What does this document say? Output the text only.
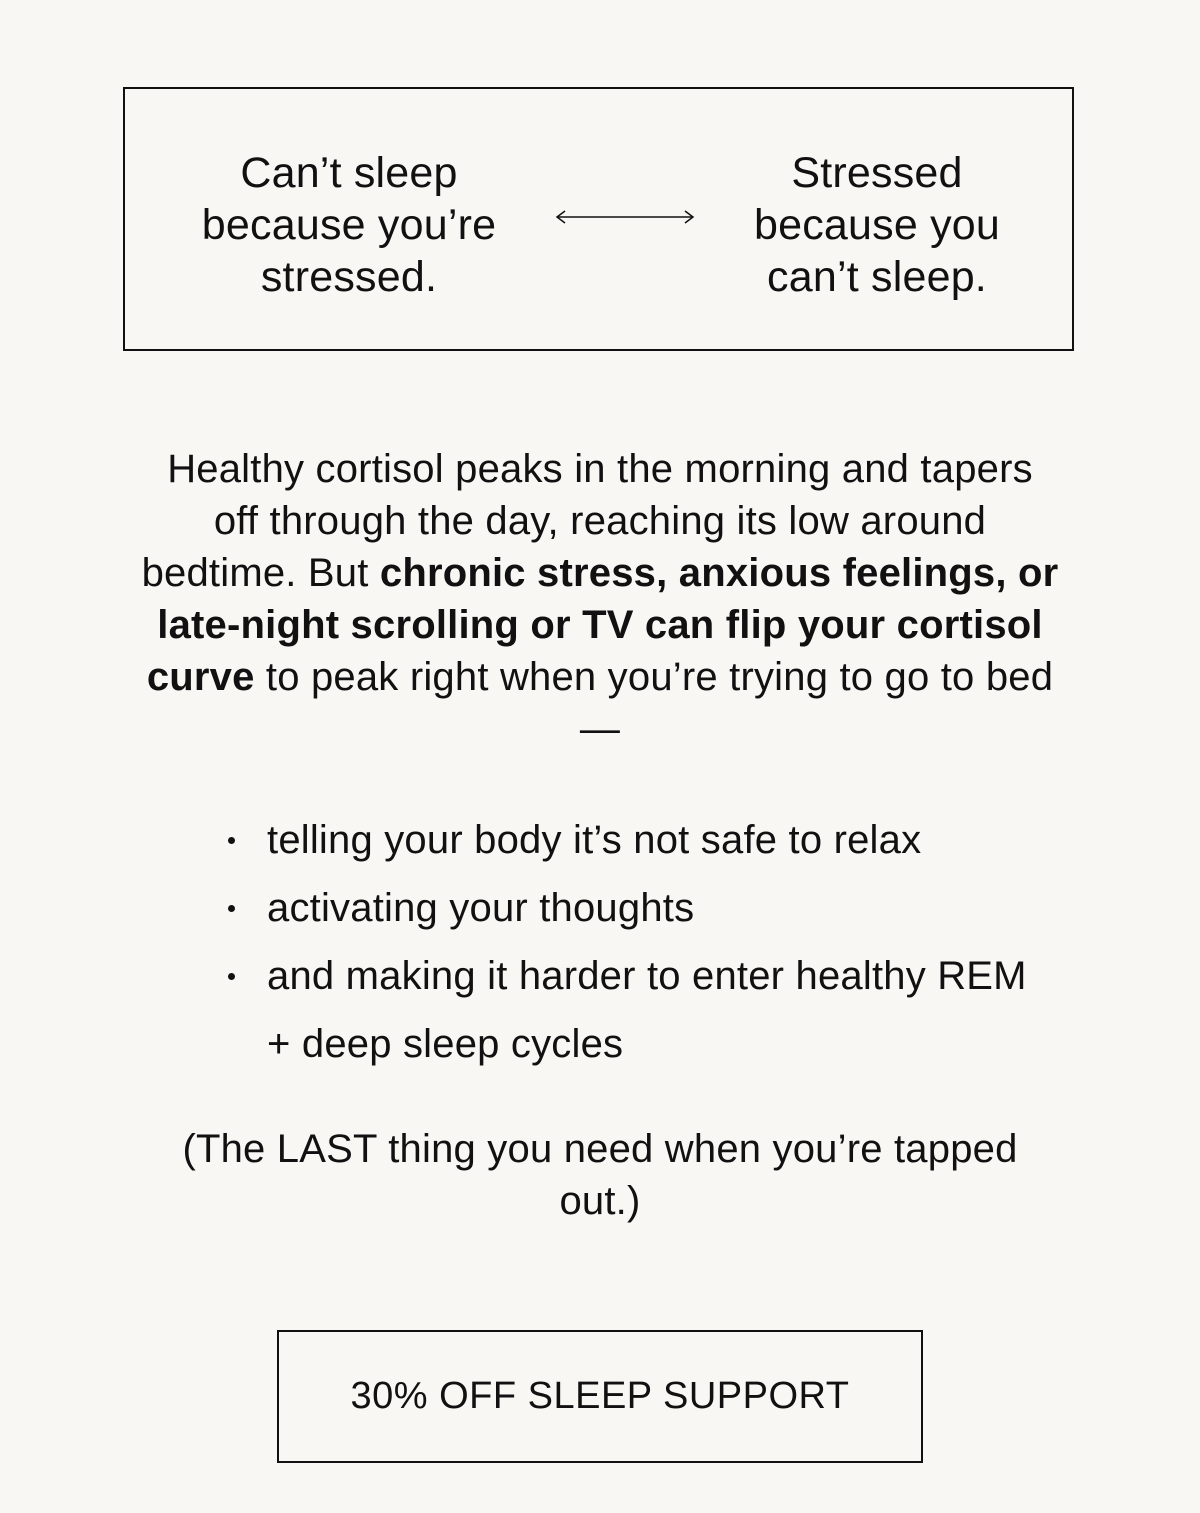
Can’t sleep because you’re stressed.
Stressed because you can’t sleep.

Healthy cortisol peaks in the morning and tapers off through the day, reaching its low around bedtime. But chronic stress, anxious feelings, or late-night scrolling or TV can flip your cortisol curve to peak right when you’re trying to go to bed—

telling your body it’s not safe to relax
activating your thoughts
and making it harder to enter healthy REM + deep sleep cycles

(The LAST thing you need when you’re tapped out.)

30% OFF SLEEP SUPPORT
